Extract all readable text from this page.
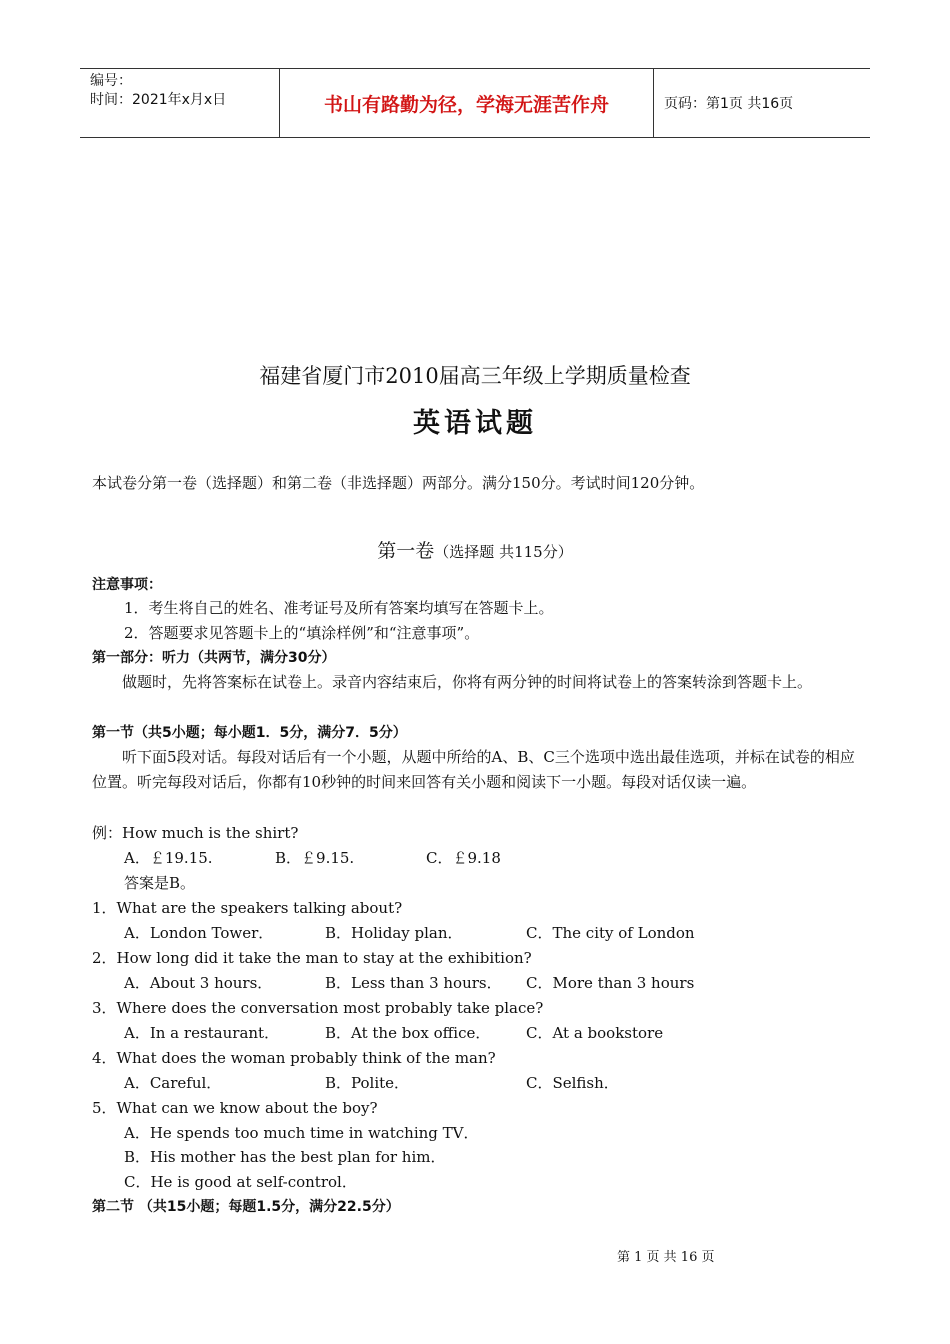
编号：
时间：2021年x月x日	书山有路勤为径，学海无涯苦作舟	页码：第1页 共16页
福建省厦门市2010届高三年级上学期质量检查
英语试题
本试卷分第一卷（选择题）和第二卷（非选择题）两部分。满分150分。考试时间120分钟。
第一卷（选择题 共115分）
注意事项：
1．考生将自己的姓名、准考证号及所有答案均填写在答题卡上。
2．答题要求见答题卡上的“填涂样例”和“注意事项”。
第一部分：听力（共两节，满分30分）
做题时，先将答案标在试卷上。录音内容结束后，你将有两分钟的时间将试卷上的答案转涂到答题卡上。
第一节（共5小题；每小题1．5分，满分7．5分）
听下面5段对话。每段对话后有一个小题，从题中所给的A、B、C三个选项中选出最佳选项，并标在试卷的相应位置。听完每段对话后，你都有10秒钟的时间来回答有关小题和阅读下一小题。每段对话仅读一遍。
例：How much is the shirt?
A．￡19.15.	B．￡9.15.	C．￡9.18
答案是B。
1．What are the speakers talking about?
A．London Tower．	B．Holiday plan．	C．The city of London
2．How long did it take the man to stay at the exhibition?
A．About 3 hours．	B．Less than 3 hours． C．More than 3 hours
3．Where does the conversation most probably take place?
A．In a restaurant．	B．At the box office． C．At a bookstore
4．What does the woman probably think of the man?
A．Careful．	B．Polite．	C．Selfish．
5．What can we know about the boy?
A．He spends too much time in watching TV．
B．His mother has the best plan for him．
C．He is good at self-control．
第二节 （共15小题；每题1.5分，满分22.5分）
第 1 页 共 16 页
